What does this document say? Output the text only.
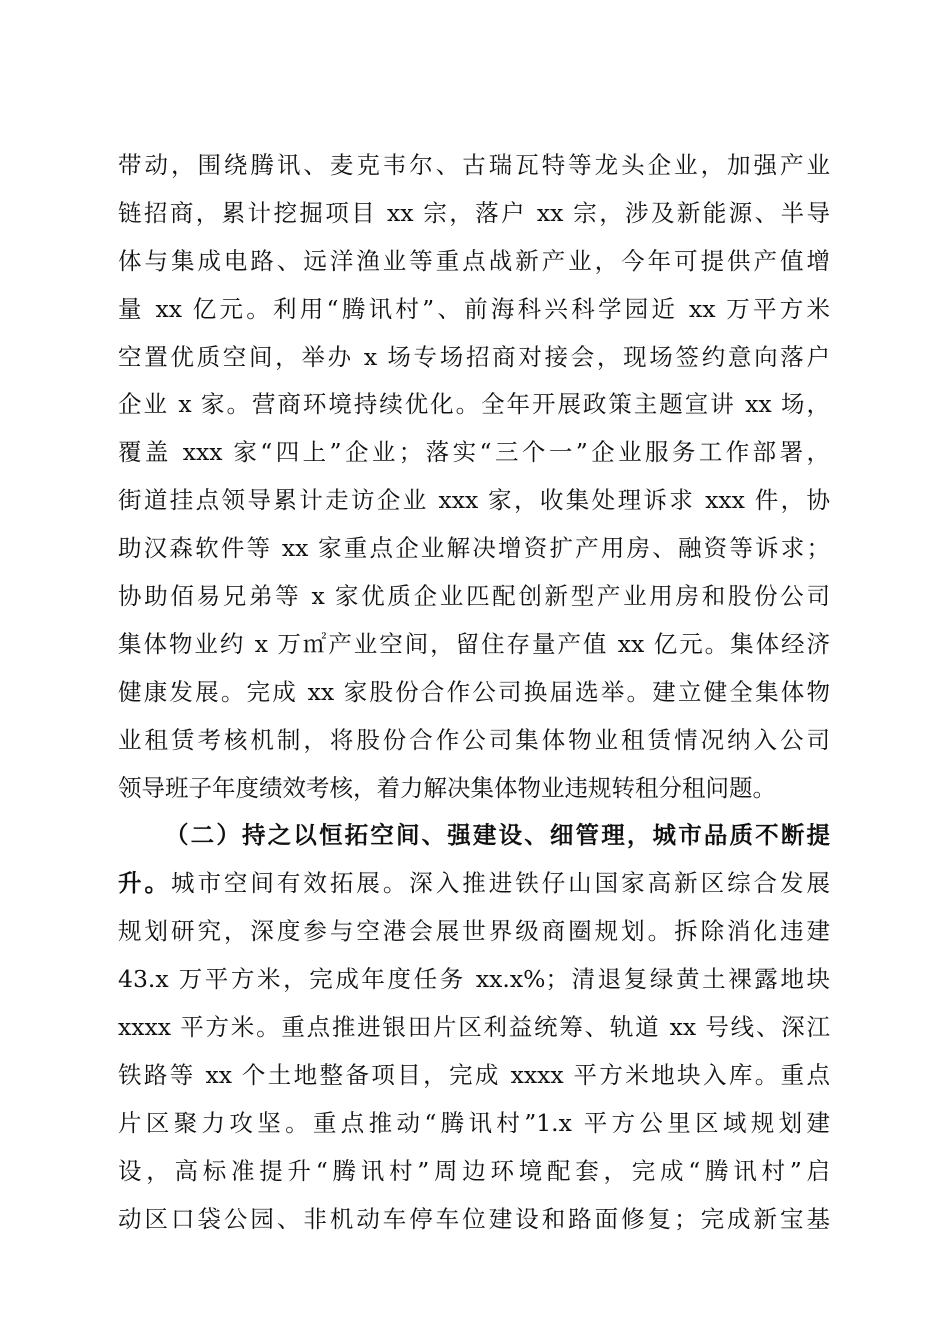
带动，围绕腾讯、麦克韦尔、古瑞瓦特等龙头企业，加强产业
链招商，累计挖掘项目 xx 宗，落户 xx 宗，涉及新能源、半导
体与集成电路、远洋渔业等重点战新产业，今年可提供产值增
量 xx 亿元。利用“腾讯村”、前海科兴科学园近 xx 万平方米
空置优质空间，举办 x 场专场招商对接会，现场签约意向落户
企业 x 家。营商环境持续优化。全年开展政策主题宣讲 xx 场，
覆盖 xxx 家“四上”企业；落实“三个一”企业服务工作部署，
街道挂点领导累计走访企业 xxx 家，收集处理诉求 xxx 件，协
助汉森软件等 xx 家重点企业解决增资扩产用房、融资等诉求；
协助佰易兄弟等 x 家优质企业匹配创新型产业用房和股份公司
集体物业约 x 万㎡产业空间，留住存量产值 xx 亿元。集体经济
健康发展。完成 xx 家股份合作公司换届选举。建立健全集体物
业租赁考核机制，将股份合作公司集体物业租赁情况纳入公司
领导班子年度绩效考核，着力解决集体物业违规转租分租问题。
（二）持之以恒拓空间、强建设、细管理，城市品质不断提
升。城市空间有效拓展。深入推进铁仔山国家高新区综合发展
规划研究，深度参与空港会展世界级商圈规划。拆除消化违建
43.x 万平方米，完成年度任务 xx.x%；清退复绿黄土裸露地块
xxxx 平方米。重点推进银田片区利益统筹、轨道 xx 号线、深江
铁路等 xx 个土地整备项目，完成 xxxx 平方米地块入库。重点
片区聚力攻坚。重点推动“腾讯村”1.x 平方公里区域规划建
设，高标准提升“腾讯村”周边环境配套，完成“腾讯村”启
动区口袋公园、非机动车停车位建设和路面修复；完成新宝基
